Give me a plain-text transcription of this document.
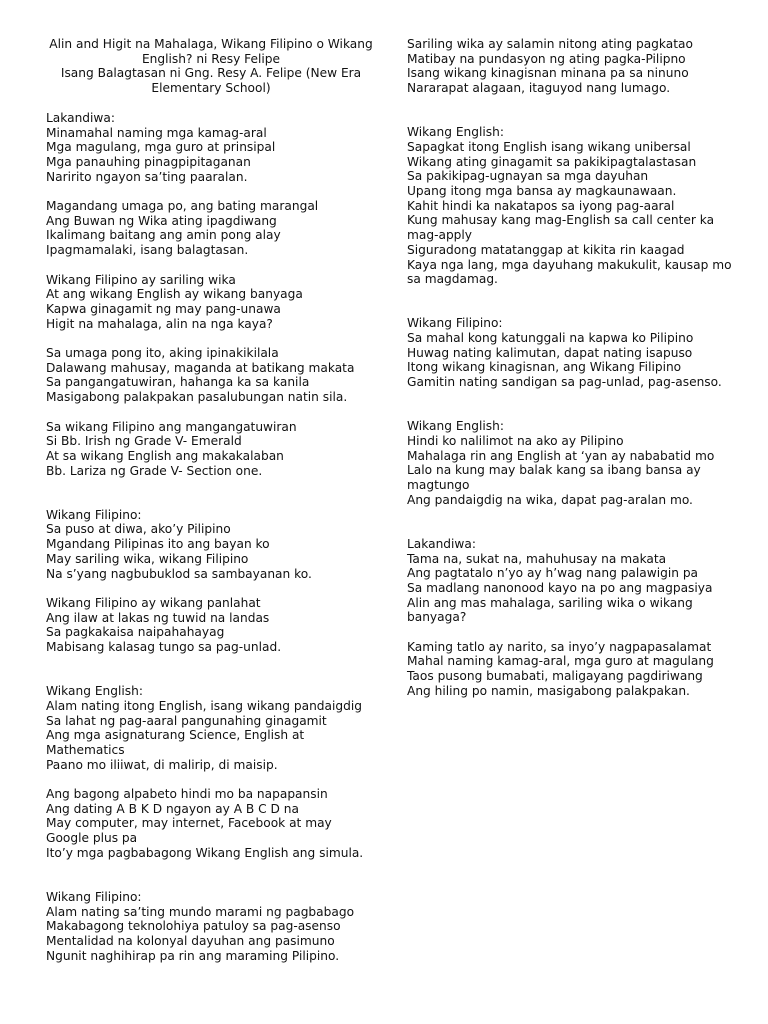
Alin and Higit na Mahalaga, Wikang Filipino o Wikang
English? ni Resy Felipe
Isang Balagtasan ni Gng. Resy A. Felipe (New Era
Elementary School)
Lakandiwa:
Minamahal naming mga kamag-aral
Mga magulang, mga guro at prinsipal
Mga panauhing pinagpipitaganan
Naririto ngayon sa’ting paaralan.
Magandang umaga po, ang bating marangal
Ang Buwan ng Wika ating ipagdiwang
Ikalimang baitang ang amin pong alay
Ipagmamalaki, isang balagtasan.
Wikang Filipino ay sariling wika
At ang wikang English ay wikang banyaga
Kapwa ginagamit ng may pang-unawa
Higit na mahalaga, alin na nga kaya?
Sa umaga pong ito, aking ipinakikilala
Dalawang mahusay, maganda at batikang makata
Sa pangangatuwiran, hahanga ka sa kanila
Masigabong palakpakan pasalubungan natin sila.
Sa wikang Filipino ang mangangatuwiran
Si Bb. Irish ng Grade V- Emerald
At sa wikang English ang makakalaban
Bb. Lariza ng Grade V- Section one.
Wikang Filipino:
Sa puso at diwa, ako’y Pilipino
Mgandang Pilipinas ito ang bayan ko
May sariling wika, wikang Filipino
Na s’yang nagbubuklod sa sambayanan ko.
Wikang Filipino ay wikang panlahat
Ang ilaw at lakas ng tuwid na landas
Sa pagkakaisa naipahahayag
Mabisang kalasag tungo sa pag-unlad.
Wikang English:
Alam nating itong English, isang wikang pandaigdig
Sa lahat ng pag-aaral pangunahing ginagamit
Ang mga asignaturang Science, English at
Mathematics
Paano mo iliiwat, di malirip, di maisip.
Ang bagong alpabeto hindi mo ba napapansin
Ang dating A B K D ngayon ay A B C D na
May computer, may internet, Facebook at may
Google plus pa
Ito’y mga pagbabagong Wikang English ang simula.
Wikang Filipino:
Alam nating sa’ting mundo marami ng pagbabago
Makabagong teknolohiya patuloy sa pag-asenso
Mentalidad na kolonyal dayuhan ang pasimuno
Ngunit naghihirap pa rin ang maraming Pilipino.
Sariling wika ay salamin nitong ating pagkatao
Matibay na pundasyon ng ating pagka-Pilipno
Isang wikang kinagisnan minana pa sa ninuno
Nararapat alagaan, itaguyod nang lumago.
Wikang English:
Sapagkat itong English isang wikang unibersal
Wikang ating ginagamit sa pakikipagtalastasan
Sa pakikipag-ugnayan sa mga dayuhan
Upang itong mga bansa ay magkaunawaan.
Kahit hindi ka nakatapos sa iyong pag-aaral
Kung mahusay kang mag-English sa call center ka
mag-apply
Siguradong matatanggap at kikita rin kaagad
Kaya nga lang, mga dayuhang makukulit, kausap mo
sa magdamag.
Wikang Filipino:
Sa mahal kong katunggali na kapwa ko Pilipino
Huwag nating kalimutan, dapat nating isapuso
Itong wikang kinagisnan, ang Wikang Filipino
Gamitin nating sandigan sa pag-unlad, pag-asenso.
Wikang English:
Hindi ko nalilimot na ako ay Pilipino
Mahalaga rin ang English at ‘yan ay nababatid mo
Lalo na kung may balak kang sa ibang bansa ay
magtungo
Ang pandaigdig na wika, dapat pag-aralan mo.
Lakandiwa:
Tama na, sukat na, mahuhusay na makata
Ang pagtatalo n’yo ay h’wag nang palawigin pa
Sa madlang nanonood kayo na po ang magpasiya
Alin ang mas mahalaga, sariling wika o wikang
banyaga?
Kaming tatlo ay narito, sa inyo’y nagpapasalamat
Mahal naming kamag-aral, mga guro at magulang
Taos pusong bumabati, maligayang pagdiriwang
Ang hiling po namin, masigabong palakpakan.
